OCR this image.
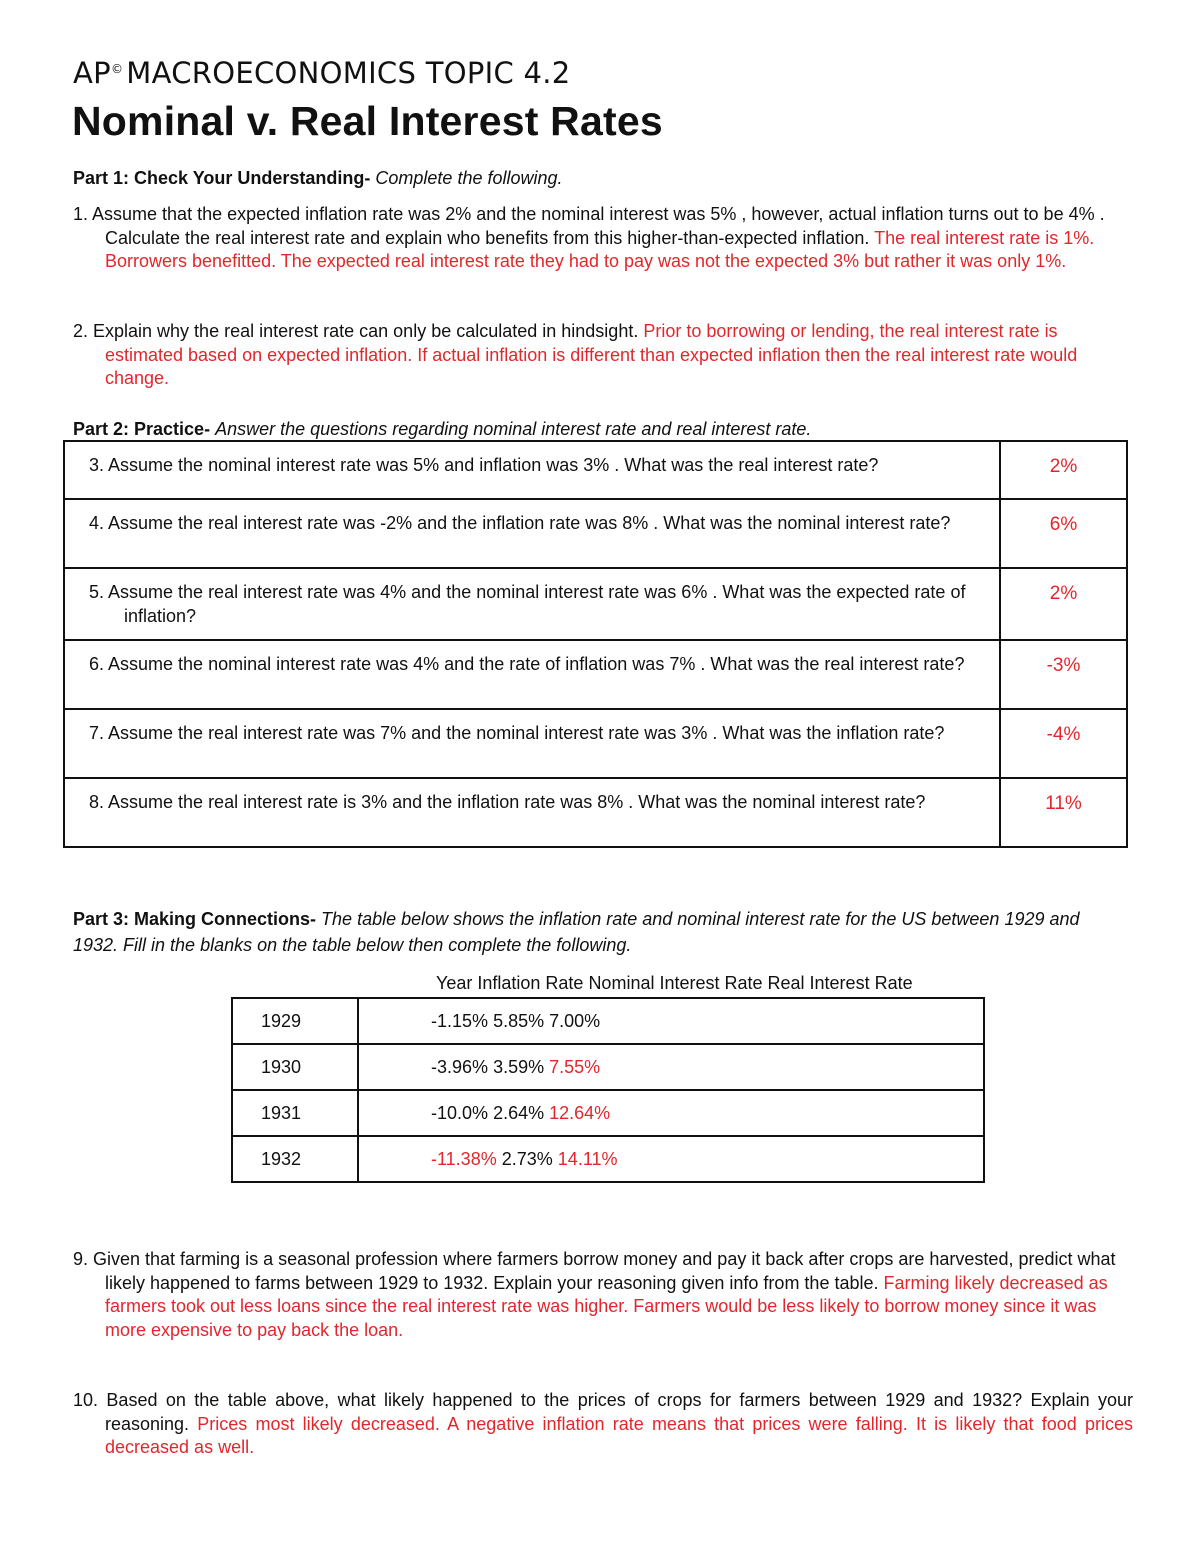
AP© MACROECONOMICS TOPIC 4.2
Nominal v. Real Interest Rates
Part 1: Check Your Understanding- Complete the following.
1. Assume that the expected inflation rate was 2% and the nominal interest was 5% , however, actual inflation turns out to be 4% . Calculate the real interest rate and explain who benefits from this higher-than-expected inflation. The real interest rate is 1%. Borrowers benefitted. The expected real interest rate they had to pay was not the expected 3% but rather it was only 1%.
2. Explain why the real interest rate can only be calculated in hindsight. Prior to borrowing or lending, the real interest rate is estimated based on expected inflation. If actual inflation is different than expected inflation then the real interest rate would change.
Part 2: Practice- Answer the questions regarding nominal interest rate and real interest rate.
3. Assume the nominal interest rate was 5% and inflation was 3% . What was the real interest rate?	2%

4. Assume the real interest rate was -2% and the inflation rate was 8% . What was the nominal interest rate?	6%

5. Assume the real interest rate was 4% and the nominal interest rate was 6% . What was the expected rate of inflation?	2%

6. Assume the nominal interest rate was 4% and the rate of inflation was 7% . What was the real interest rate?	-3%

7. Assume the real interest rate was 7% and the nominal interest rate was 3% . What was the inflation rate?	-4%

8. Assume the real interest rate is 3% and the inflation rate was 8% . What was the nominal interest rate?	11%
Part 3: Making Connections- The table below shows the inflation rate and nominal interest rate for the US between 1929 and 1932. Fill in the blanks on the table below then complete the following.
Year Inflation Rate Nominal Interest Rate Real Interest Rate
1929	-1.15% 5.85% 7.00%
1930	-3.96% 3.59% 7.55%
1931	-10.0% 2.64% 12.64%
1932	-11.38% 2.73% 14.11%
9. Given that farming is a seasonal profession where farmers borrow money and pay it back after crops are harvested, predict what likely happened to farms between 1929 to 1932. Explain your reasoning given info from the table. Farming likely decreased as farmers took out less loans since the real interest rate was higher. Farmers would be less likely to borrow money since it was more expensive to pay back the loan.
10. Based on the table above, what likely happened to the prices of crops for farmers between 1929 and 1932? Explain your reasoning. Prices most likely decreased. A negative inflation rate means that prices were falling. It is likely that food prices decreased as well.
